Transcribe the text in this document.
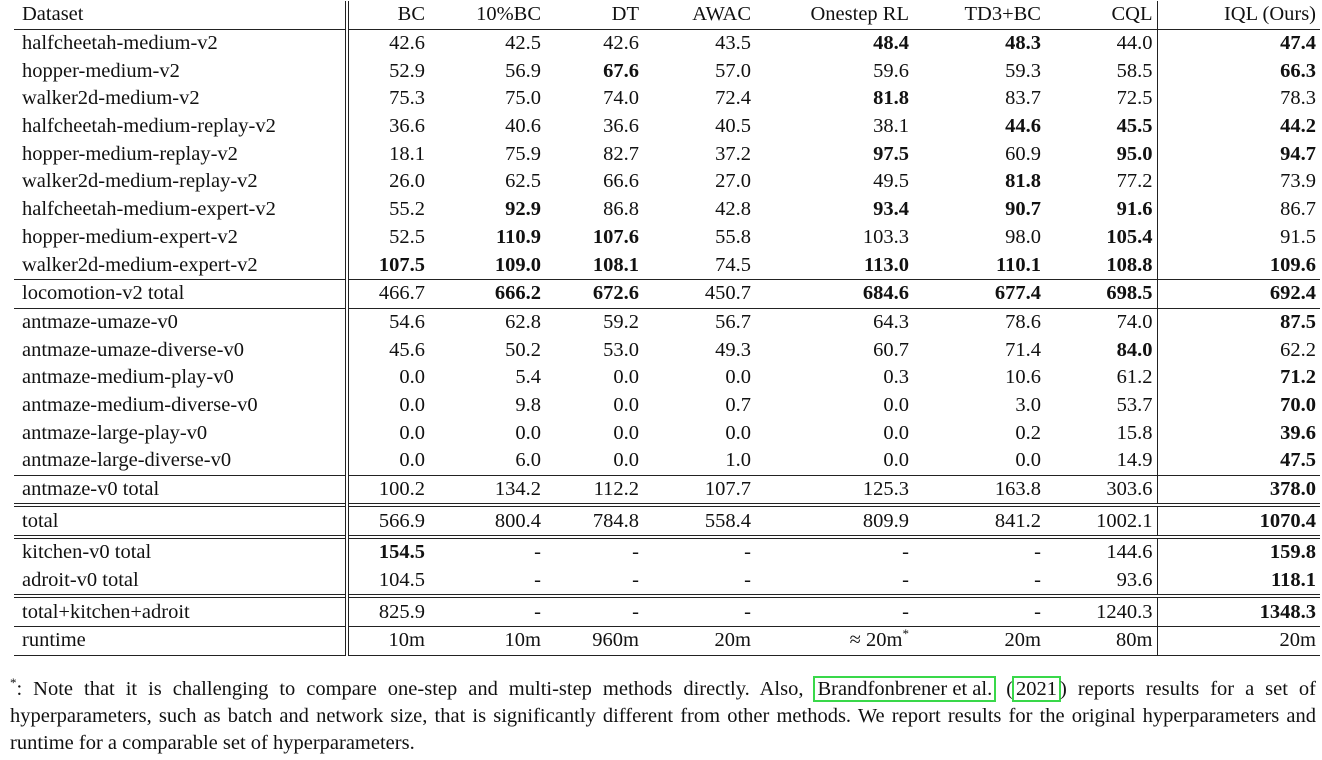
Dataset	BC	10%BC	DT	AWAC	Onestep RL	TD3+BC	CQL	IQL (Ours)
halfcheetah-medium-v2	42.6	42.5	42.6	43.5	48.4	48.3	44.0	47.4
hopper-medium-v2	52.9	56.9	67.6	57.0	59.6	59.3	58.5	66.3
walker2d-medium-v2	75.3	75.0	74.0	72.4	81.8	83.7	72.5	78.3
halfcheetah-medium-replay-v2	36.6	40.6	36.6	40.5	38.1	44.6	45.5	44.2
hopper-medium-replay-v2	18.1	75.9	82.7	37.2	97.5	60.9	95.0	94.7
walker2d-medium-replay-v2	26.0	62.5	66.6	27.0	49.5	81.8	77.2	73.9
halfcheetah-medium-expert-v2	55.2	92.9	86.8	42.8	93.4	90.7	91.6	86.7
hopper-medium-expert-v2	52.5	110.9	107.6	55.8	103.3	98.0	105.4	91.5
walker2d-medium-expert-v2	107.5	109.0	108.1	74.5	113.0	110.1	108.8	109.6
locomotion-v2 total	466.7	666.2	672.6	450.7	684.6	677.4	698.5	692.4
antmaze-umaze-v0	54.6	62.8	59.2	56.7	64.3	78.6	74.0	87.5
antmaze-umaze-diverse-v0	45.6	50.2	53.0	49.3	60.7	71.4	84.0	62.2
antmaze-medium-play-v0	0.0	5.4	0.0	0.0	0.3	10.6	61.2	71.2
antmaze-medium-diverse-v0	0.0	9.8	0.0	0.7	0.0	3.0	53.7	70.0
antmaze-large-play-v0	0.0	0.0	0.0	0.0	0.0	0.2	15.8	39.6
antmaze-large-diverse-v0	0.0	6.0	0.0	1.0	0.0	0.0	14.9	47.5
antmaze-v0 total	100.2	134.2	112.2	107.7	125.3	163.8	303.6	378.0
total	566.9	800.4	784.8	558.4	809.9	841.2	1002.1	1070.4
kitchen-v0 total	154.5	-	-	-	-	-	144.6	159.8
adroit-v0 total	104.5	-	-	-	-	-	93.6	118.1
total+kitchen+adroit	825.9	-	-	-	-	-	1240.3	1348.3
runtime	10m	10m	960m	20m	≈ 20m*	20m	80m	20m

*: Note that it is challenging to compare one-step and multi-step methods directly. Also, Brandfonbrener et al. ( 2021 ) reports results for a set of hyperparameters, such as batch and network size, that is significantly different from other methods. We report results for the original hyperparameters and runtime for a comparable set of hyperparameters.
